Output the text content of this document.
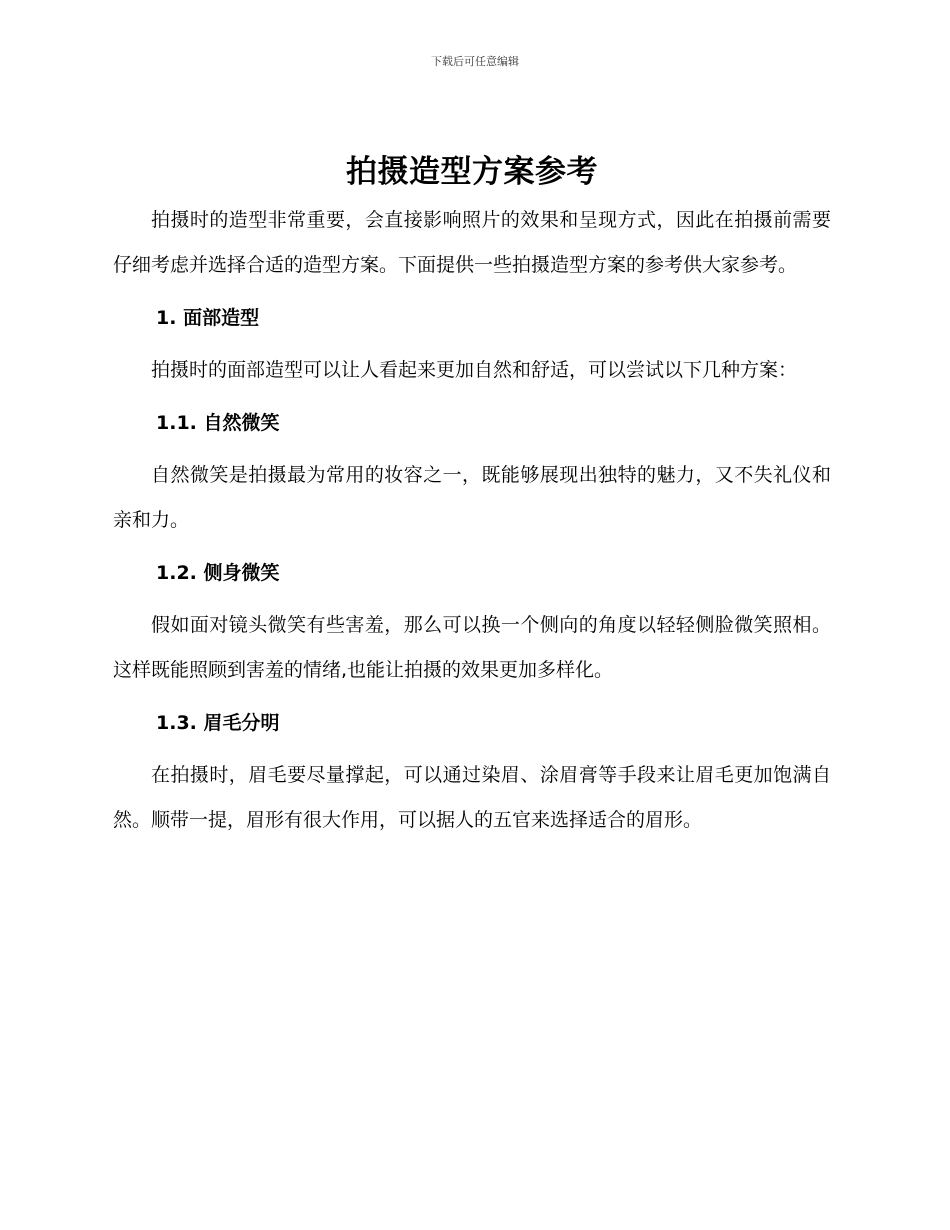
下载后可任意编辑
拍摄造型方案参考

拍摄时的造型非常重要，会直接影响照片的效果和呈现方式，因此在拍摄前需要仔细考虑并选择合适的造型方案。下面提供一些拍摄造型方案的参考供大家参考。

1. 面部造型

拍摄时的面部造型可以让人看起来更加自然和舒适，可以尝试以下几种方案：

1.1. 自然微笑

自然微笑是拍摄最为常用的妆容之一，既能够展现出独特的魅力，又不失礼仪和亲和力。

1.2. 侧身微笑

假如面对镜头微笑有些害羞，那么可以换一个侧向的角度以轻轻侧脸微笑照相。这样既能照顾到害羞的情绪,也能让拍摄的效果更加多样化。

1.3. 眉毛分明

在拍摄时，眉毛要尽量撑起，可以通过染眉、涂眉膏等手段来让眉毛更加饱满自然。顺带一提，眉形有很大作用，可以据人的五官来选择适合的眉形。
